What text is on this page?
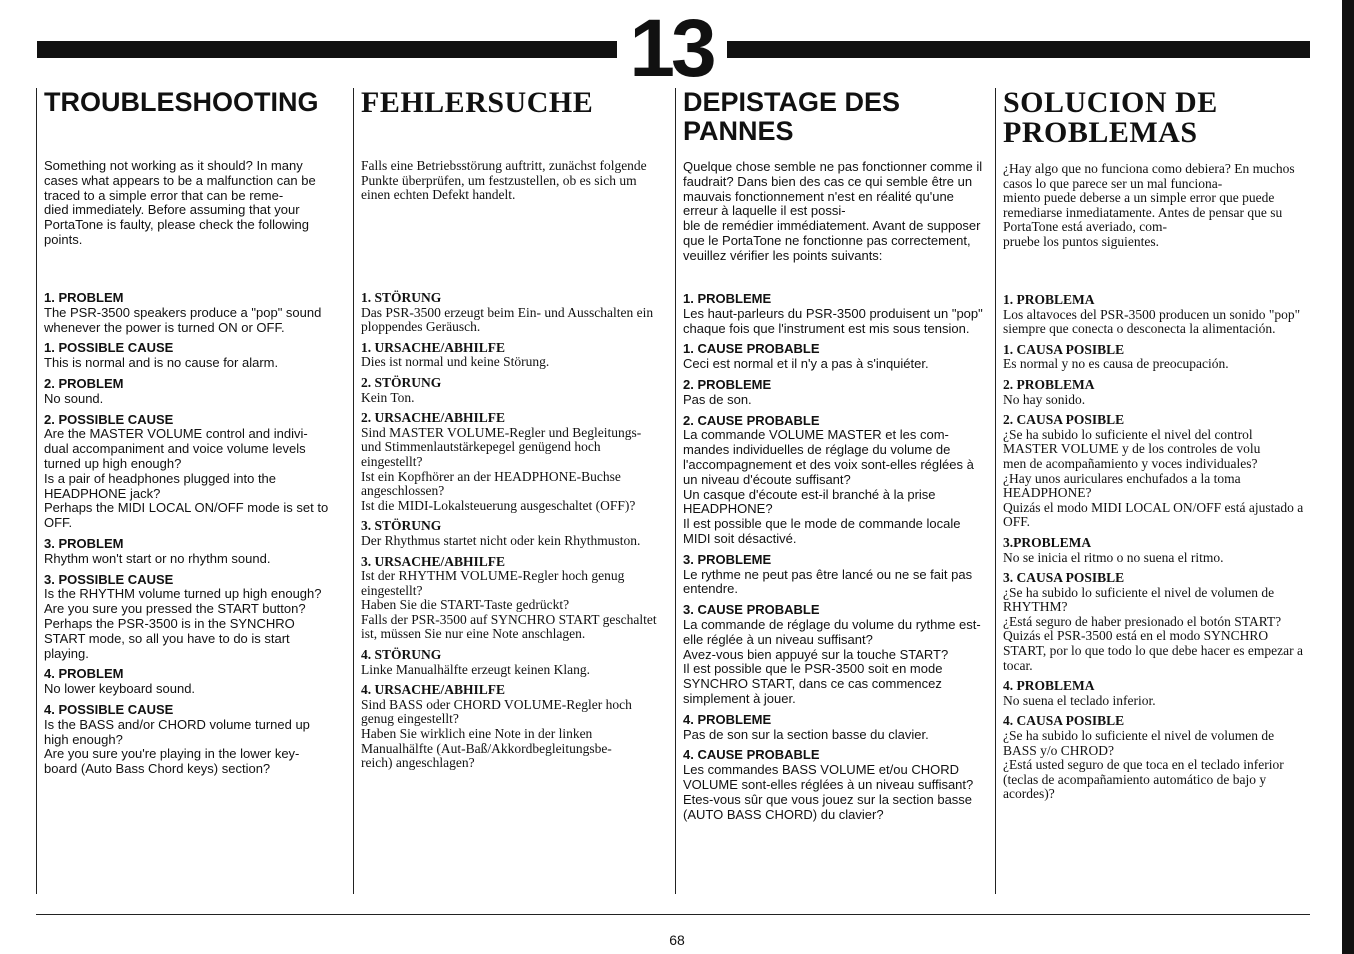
13
TROUBLESHOOTING
Something not working as it should? In many cases what appears to be a malfunction can be traced to a simple error that can be reme-
died immediately. Before assuming that your PortaTone is faulty, please check the following points.
1. PROBLEM
The PSR-3500 speakers produce a "pop" sound whenever the power is turned ON or OFF.
1. POSSIBLE CAUSE
This is normal and is no cause for alarm.
2. PROBLEM
No sound.
2. POSSIBLE CAUSE
Are the MASTER VOLUME control and indivi-
dual accompaniment and voice volume levels turned up high enough?
Is a pair of headphones plugged into the HEADPHONE jack?
Perhaps the MIDI LOCAL ON/OFF mode is set to OFF.
3. PROBLEM
Rhythm won't start or no rhythm sound.
3. POSSIBLE CAUSE
Is the RHYTHM volume turned up high enough?
Are you sure you pressed the START button?
Perhaps the PSR-3500 is in the SYNCHRO START mode, so all you have to do is start playing.
4. PROBLEM
No lower keyboard sound.
4. POSSIBLE CAUSE
Is the BASS and/or CHORD volume turned up high enough?
Are you sure you're playing in the lower key-
board (Auto Bass Chord keys) section?
FEHLERSUCHE
Falls eine Betriebsstörung auftritt, zunächst folgende Punkte überprüfen, um festzustellen, ob es sich um einen echten Defekt handelt.
1. STÖRUNG
Das PSR-3500 erzeugt beim Ein- und Ausschalten ein ploppendes Geräusch.
1. URSACHE/ABHILFE
Dies ist normal und keine Störung.
2. STÖRUNG
Kein Ton.
2. URSACHE/ABHILFE
Sind MASTER VOLUME-Regler und Begleitungs- und Stimmenlautstärkepegel genügend hoch eingestellt?
Ist ein Kopfhörer an der HEADPHONE-Buchse angeschlossen?
Ist die MIDI-Lokalsteuerung ausgeschaltet (OFF)?
3. STÖRUNG
Der Rhythmus startet nicht oder kein Rhythmuston.
3. URSACHE/ABHILFE
Ist der RHYTHM VOLUME-Regler hoch genug eingestellt?
Haben Sie die START-Taste gedrückt?
Falls der PSR-3500 auf SYNCHRO START geschaltet ist, müssen Sie nur eine Note anschlagen.
4. STÖRUNG
Linke Manualhälfte erzeugt keinen Klang.
4. URSACHE/ABHILFE
Sind BASS oder CHORD VOLUME-Regler hoch genug eingestellt?
Haben Sie wirklich eine Note in der linken Manualhälfte (Aut-Baß/Akkordbegleitungsbe-
reich) angeschlagen?
DEPISTAGE DES PANNES
Quelque chose semble ne pas fonctionner comme il faudrait? Dans bien des cas ce qui semble être un mauvais fonctionnement n'est en réalité qu'une erreur à laquelle il est possi-
ble de remédier immédiatement. Avant de supposer que le PortaTone ne fonctionne pas correctement, veuillez vérifier les points suivants:
1. PROBLEME
Les haut-parleurs du PSR-3500 produisent un "pop" chaque fois que l'instrument est mis sous tension.
1. CAUSE PROBABLE
Ceci est normal et il n'y a pas à s'inquiéter.
2. PROBLEME
Pas de son.
2. CAUSE PROBABLE
La commande VOLUME MASTER et les com-
mandes individuelles de réglage du volume de l'accompagnement et des voix sont-elles réglées à un niveau d'écoute suffisant?
Un casque d'écoute est-il branché à la prise HEADPHONE?
Il est possible que le mode de commande locale MIDI soit désactivé.
3. PROBLEME
Le rythme ne peut pas être lancé ou ne se fait pas entendre.
3. CAUSE PROBABLE
La commande de réglage du volume du rythme est-elle réglée à un niveau suffisant?
Avez-vous bien appuyé sur la touche START?
Il est possible que le PSR-3500 soit en mode SYNCHRO START, dans ce cas commencez simplement à jouer.
4. PROBLEME
Pas de son sur la section basse du clavier.
4. CAUSE PROBABLE
Les commandes BASS VOLUME et/ou CHORD VOLUME sont-elles réglées à un niveau suffisant?
Etes-vous sûr que vous jouez sur la section basse (AUTO BASS CHORD) du clavier?
SOLUCION DE PROBLEMAS
¿Hay algo que no funciona como debiera? En muchos casos lo que parece ser un mal funciona-
miento puede deberse a un simple error que puede remediarse inmediatamente. Antes de pensar que su PortaTone está averiado, com-
pruebe los puntos siguientes.
1. PROBLEMA
Los altavoces del PSR-3500 producen un sonido "pop" siempre que conecta o desconecta la alimentación.
1. CAUSA POSIBLE
Es normal y no es causa de preocupación.
2. PROBLEMA
No hay sonido.
2. CAUSA POSIBLE
¿Se ha subido lo suficiente el nivel del control MASTER VOLUME y de los controles de volu
men de acompañamiento y voces individuales?
¿Hay unos auriculares enchufados a la toma HEADPHONE?
Quizás el modo MIDI LOCAL ON/OFF está ajustado a OFF.
3.PROBLEMA
No se inicia el ritmo o no suena el ritmo.
3. CAUSA POSIBLE
¿Se ha subido lo suficiente el nivel de volumen de RHYTHM?
¿Está seguro de haber presionado el botón START?
Quizás el PSR-3500 está en el modo SYNCHRO START, por lo que todo lo que debe hacer es empezar a tocar.
4. PROBLEMA
No suena el teclado inferior.
4. CAUSA POSIBLE
¿Se ha subido lo suficiente el nivel de volumen de BASS y/o CHROD?
¿Está usted seguro de que toca en el teclado inferior (teclas de acompañamiento automático de bajo y acordes)?
68
